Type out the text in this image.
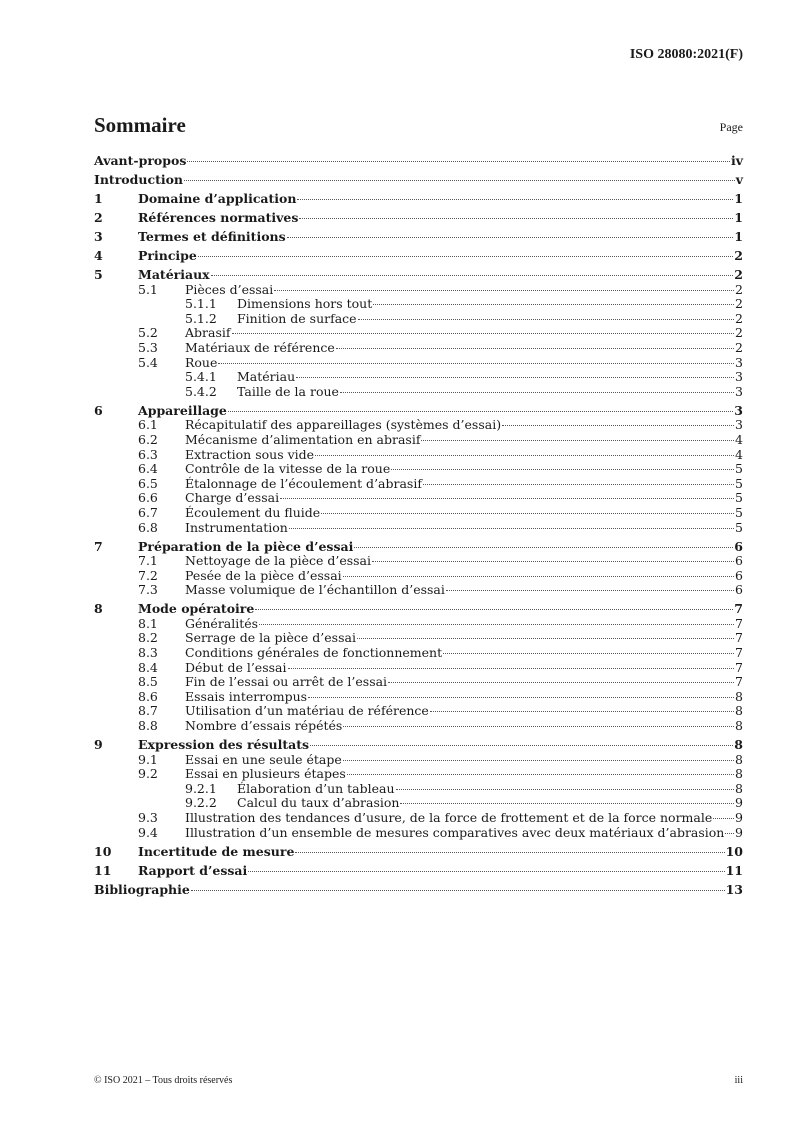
ISO 28080:2021(F)
Sommaire	Page
Avant-propos	iv
Introduction	v
1	Domaine d’application	1
2	Références normatives	1
3	Termes et définitions	1
4	Principe	2
5	Matériaux	2
5.1	Pièces d’essai	2
5.1.1	Dimensions hors tout	2
5.1.2	Finition de surface	2
5.2	Abrasif	2
5.3	Matériaux de référence	2
5.4	Roue	3
5.4.1	Matériau	3
5.4.2	Taille de la roue	3
6	Appareillage	3
6.1	Récapitulatif des appareillages (systèmes d’essai)	3
6.2	Mécanisme d’alimentation en abrasif	4
6.3	Extraction sous vide	4
6.4	Contrôle de la vitesse de la roue	5
6.5	Étalonnage de l’écoulement d’abrasif	5
6.6	Charge d’essai	5
6.7	Écoulement du fluide	5
6.8	Instrumentation	5
7	Préparation de la pièce d’essai	6
7.1	Nettoyage de la pièce d’essai	6
7.2	Pesée de la pièce d’essai	6
7.3	Masse volumique de l’échantillon d’essai	6
8	Mode opératoire	7
8.1	Généralités	7
8.2	Serrage de la pièce d’essai	7
8.3	Conditions générales de fonctionnement	7
8.4	Début de l’essai	7
8.5	Fin de l’essai ou arrêt de l’essai	7
8.6	Essais interrompus	8
8.7	Utilisation d’un matériau de référence	8
8.8	Nombre d’essais répétés	8
9	Expression des résultats	8
9.1	Essai en une seule étape	8
9.2	Essai en plusieurs étapes	8
9.2.1	Élaboration d’un tableau	8
9.2.2	Calcul du taux d’abrasion	9
9.3	Illustration des tendances d’usure, de la force de frottement et de la force normale 9
9.4	Illustration d’un ensemble de mesures comparatives avec deux matériaux d’abrasion 9
10	Incertitude de mesure	10
11	Rapport d’essai	11
Bibliographie	13
© ISO 2021 – Tous droits réservés	iii
